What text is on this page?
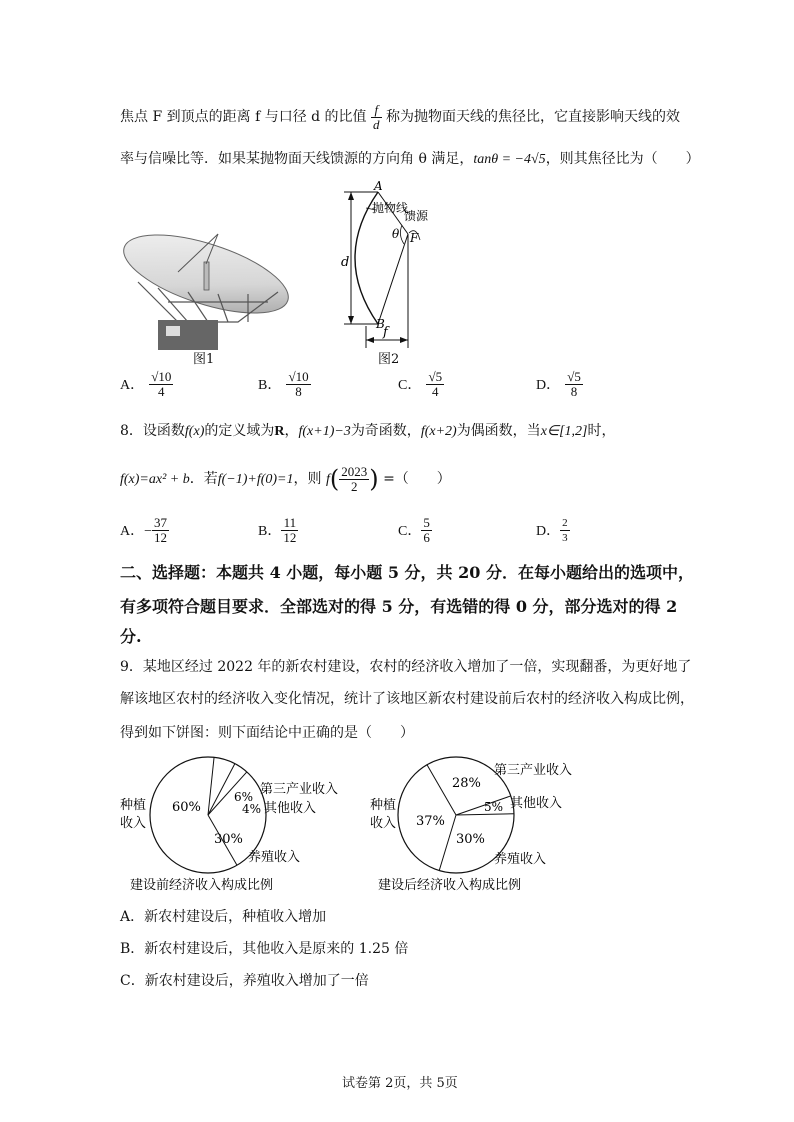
焦点 F 到顶点的距离 f 与口径 d 的比值 $\frac{f}{d}$ 称为抛物面天线的焦径比，它直接影响天线的效
率与信噪比等．如果某抛物面天线馈源的方向角 θ 满足，tanθ = −4√5，则其焦径比为（　　）
图1
A
B
F
d
f
θ
抛物线
馈源
图2
A． $\frac{√10}{4}$	B． $\frac{√10}{8}$	C． $\frac{√5}{4}$	D． $\frac{√5}{8}$
8．设函数f(x)的定义域为R，f(x+1)−3为奇函数，f(x+2)为偶函数，当x∈[1,2]时，
f(x)=ax² + b．若f(−1)+f(0)=1，则 $f( \frac{2023}{2}$ ) =（　　）
A．− $\frac{37}{12}$	B． $\frac{11}{12}$	C． $\frac{5}{6}$	D． $\frac{2}{3}$
二、选择题：本题共 4 小题，每小题 5 分，共 20 分．在每小题给出的选项中，
有多项符合题目要求．全部选对的得 5 分，有选错的得 0 分，部分选对的得 2
分.
9．某地区经过 2022 年的新农村建设，农村的经济收入增加了一倍，实现翻番，为更好地了
解该地区农村的经济收入变化情况，统计了该地区新农村建设前后农村的经济收入构成比例，
得到如下饼图：则下面结论中正确的是（　　）
种植
收入
第三产业收入
其他收入
养殖收入
60%
6%
4%
30%
建设前经济收入构成比例
种植
收入
第三产业收入
其他收入
养殖收入
28%
5%
30%
37%
建设后经济收入构成比例
A．新农村建设后，种植收入增加
B．新农村建设后，其他收入是原来的 1.25 倍
C．新农村建设后，养殖收入增加了一倍
试卷第 2页，共 5页
